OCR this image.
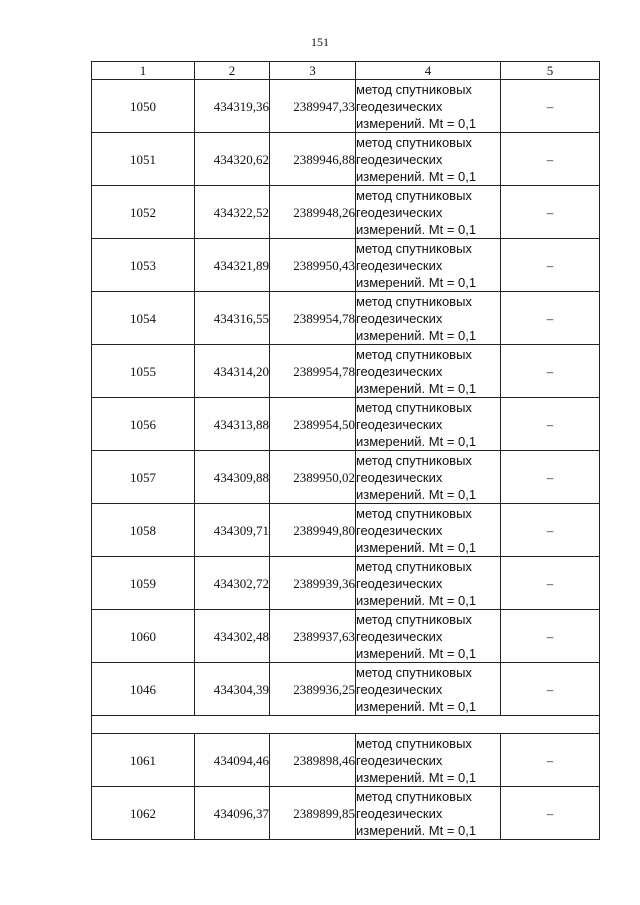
151
1	2	3	4	5
1050	434319,36	2389947,33	метод спутниковых
геодезических
измерений. Mt = 0,1	–
1051	434320,62	2389946,88	метод спутниковых
геодезических
измерений. Mt = 0,1	–
1052	434322,52	2389948,26	метод спутниковых
геодезических
измерений. Mt = 0,1	–
1053	434321,89	2389950,43	метод спутниковых
геодезических
измерений. Mt = 0,1	–
1054	434316,55	2389954,78	метод спутниковых
геодезических
измерений. Mt = 0,1	–
1055	434314,20	2389954,78	метод спутниковых
геодезических
измерений. Mt = 0,1	–
1056	434313,88	2389954,50	метод спутниковых
геодезических
измерений. Mt = 0,1	–
1057	434309,88	2389950,02	метод спутниковых
геодезических
измерений. Mt = 0,1	–
1058	434309,71	2389949,80	метод спутниковых
геодезических
измерений. Mt = 0,1	–
1059	434302,72	2389939,36	метод спутниковых
геодезических
измерений. Mt = 0,1	–
1060	434302,48	2389937,63	метод спутниковых
геодезических
измерений. Mt = 0,1	–
1046	434304,39	2389936,25	метод спутниковых
геодезических
измерений. Mt = 0,1	–

1061	434094,46	2389898,46	метод спутниковых
геодезических
измерений. Mt = 0,1	–
1062	434096,37	2389899,85	метод спутниковых
геодезических
измерений. Mt = 0,1	–
